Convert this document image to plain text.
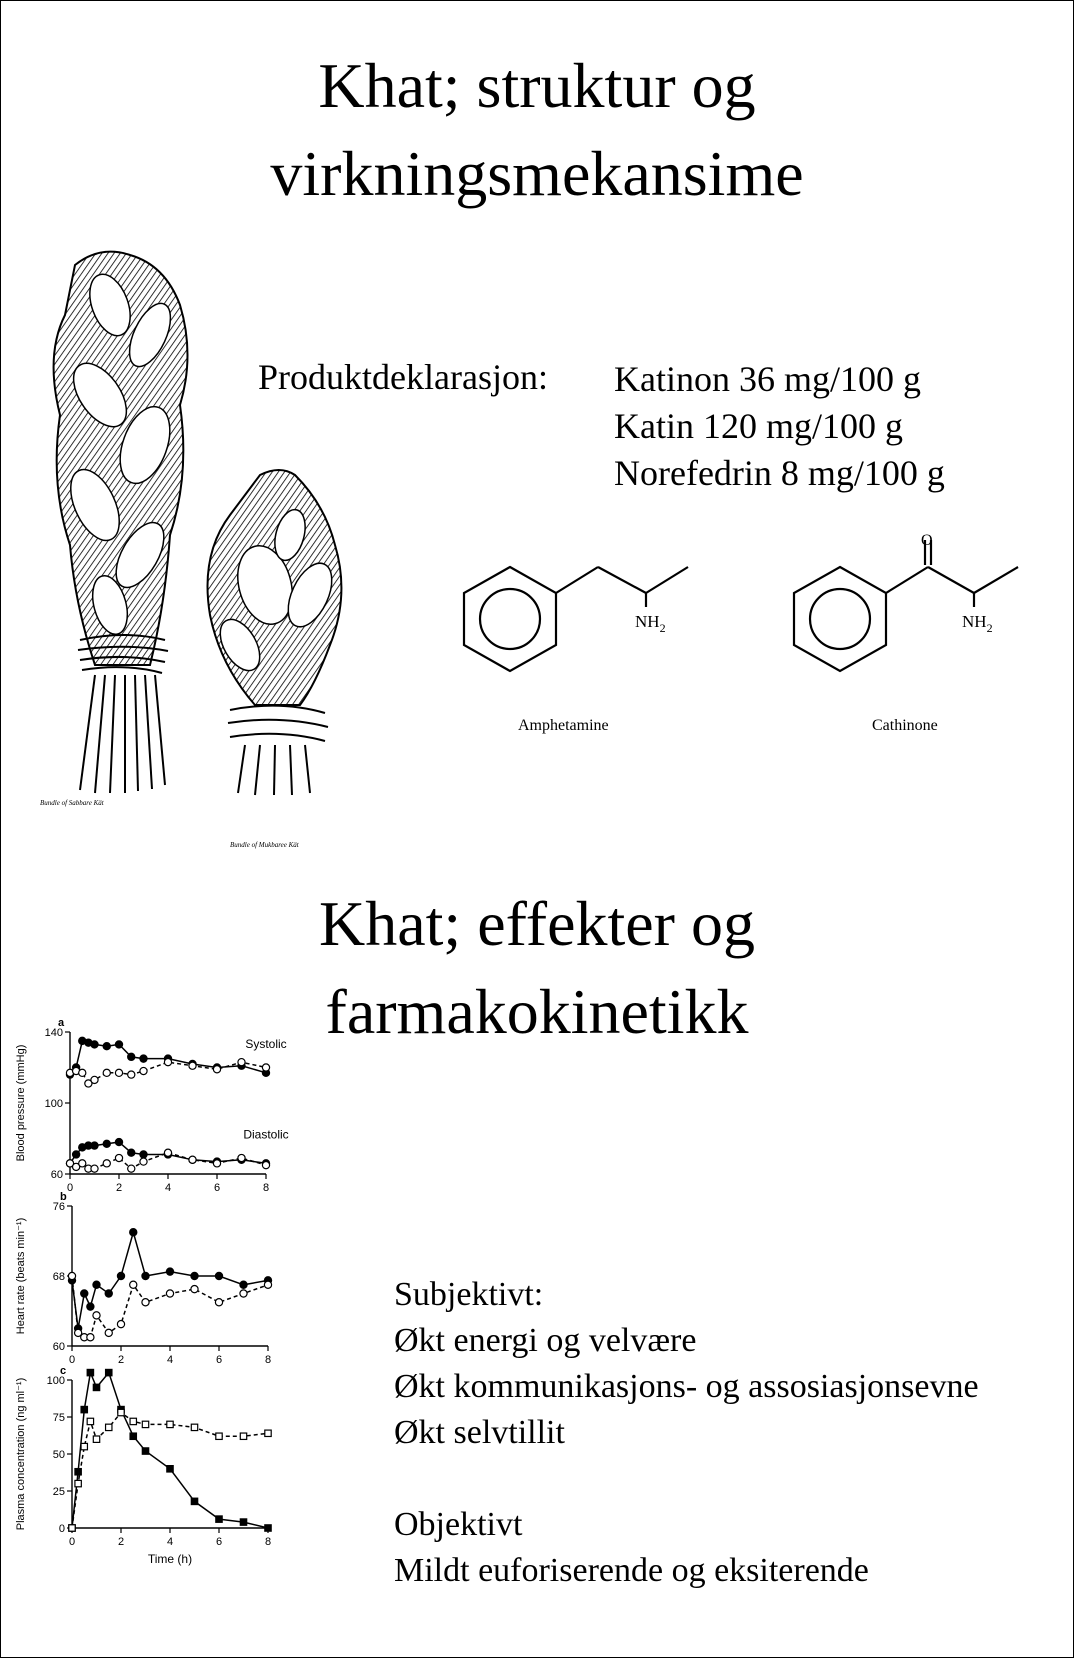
Khat; struktur og
virkningsmekansime
Bundle of Sabbare Kät
Bundle of Mukbaree Kät
Produktdeklarasjon: Katinon 36 mg/100 g
Katin 120 mg/100 g
Norefedrin 8 mg/100 g
$NH_2$
Amphetamine
O
$NH_2$
Cathinone
Khat; effekter og
farmakokinetikk
a
60
100
140
0	2	4	6	8
Blood pressure (mmHg)
Systolic
Diastolic
b
60
68
76
0	2	4	6	8
Heart rate (beats min⁻¹)
c
0
25
50
75
100
0	2	4	6	8
Plasma concentration (ng ml⁻¹)
Time (h)
Subjektivt:
Økt energi og velvære
Økt kommunikasjons- og assosiasjonsevne
Økt selvtillit
Objektivt
Mildt euforiserende og eksiterende
